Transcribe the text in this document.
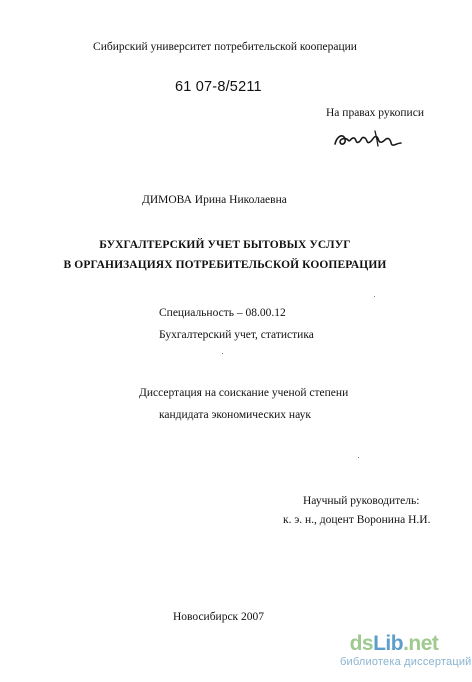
Сибирский университет потребительской кооперации
61 07-8/5211
На правах рукописи
ДИМОВА Ирина Николаевна
БУХГАЛТЕРСКИЙ УЧЕТ БЫТОВЫХ УСЛУГ
В ОРГАНИЗАЦИЯХ ПОТРЕБИТЕЛЬСКОЙ КООПЕРАЦИИ
Специальность – 08.00.12
Бухгалтерский учет, статистика
Диссертация на соискание ученой степени
кандидата экономических наук
Научный руководитель:
к. э. н., доцент Воронина Н.И.
Новосибирск 2007
dsLib.net
библиотека диссертаций
